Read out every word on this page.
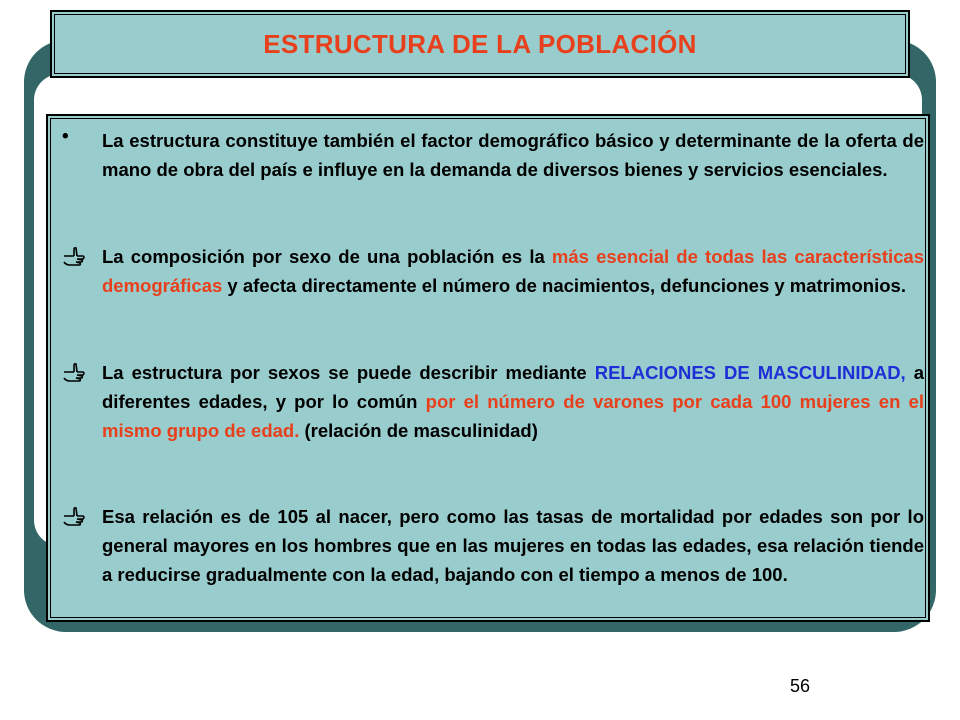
ESTRUCTURA DE LA POBLACIÓN
•	La estructura constituye también el factor demográfico básico y determinante de la oferta de mano de obra del país e influye en la demanda de diversos bienes y servicios esenciales.
La composición por sexo de una población es la más esencial de todas las características demográficas y afecta directamente el número de nacimientos, defunciones y matrimonios.
La estructura por sexos se puede describir mediante RELACIONES DE MASCULINIDAD, a diferentes edades, y por lo común por el número de varones por cada 100 mujeres en el mismo grupo de edad. (relación de masculinidad)
Esa relación es de 105 al nacer, pero como las tasas de mortalidad por edades son por lo general mayores en los hombres que en las mujeres en todas las edades, esa relación tiende a reducirse gradualmente con la edad, bajando con el tiempo a menos de 100.
56
